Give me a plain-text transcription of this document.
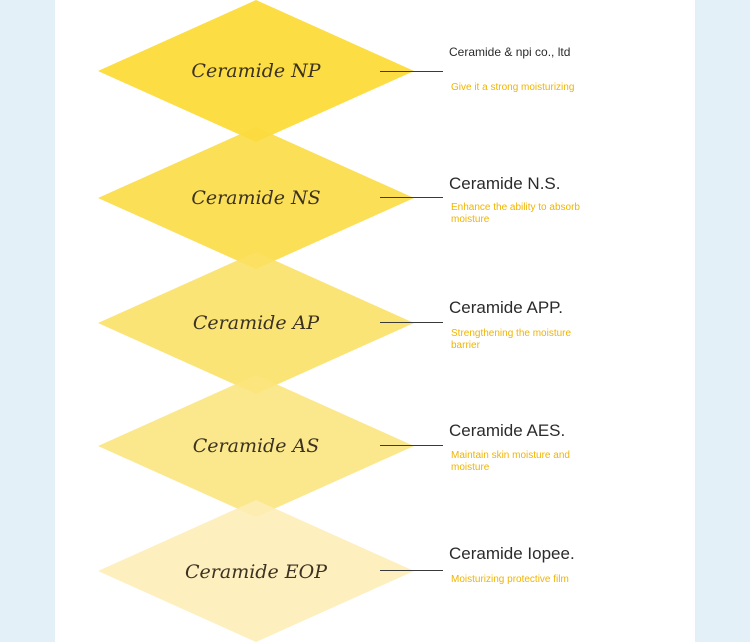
Ceramide NP
Ceramide & npi co., ltd
Give it a strong moisturizing
Ceramide NS
Ceramide N.S.
Enhance the ability to absorb moisture
Ceramide AP
Ceramide APP.
Strengthening the moisture barrier
Ceramide AS
Ceramide AES.
Maintain skin moisture and moisture
Ceramide EOP
Ceramide Iopee.
Moisturizing protective film
